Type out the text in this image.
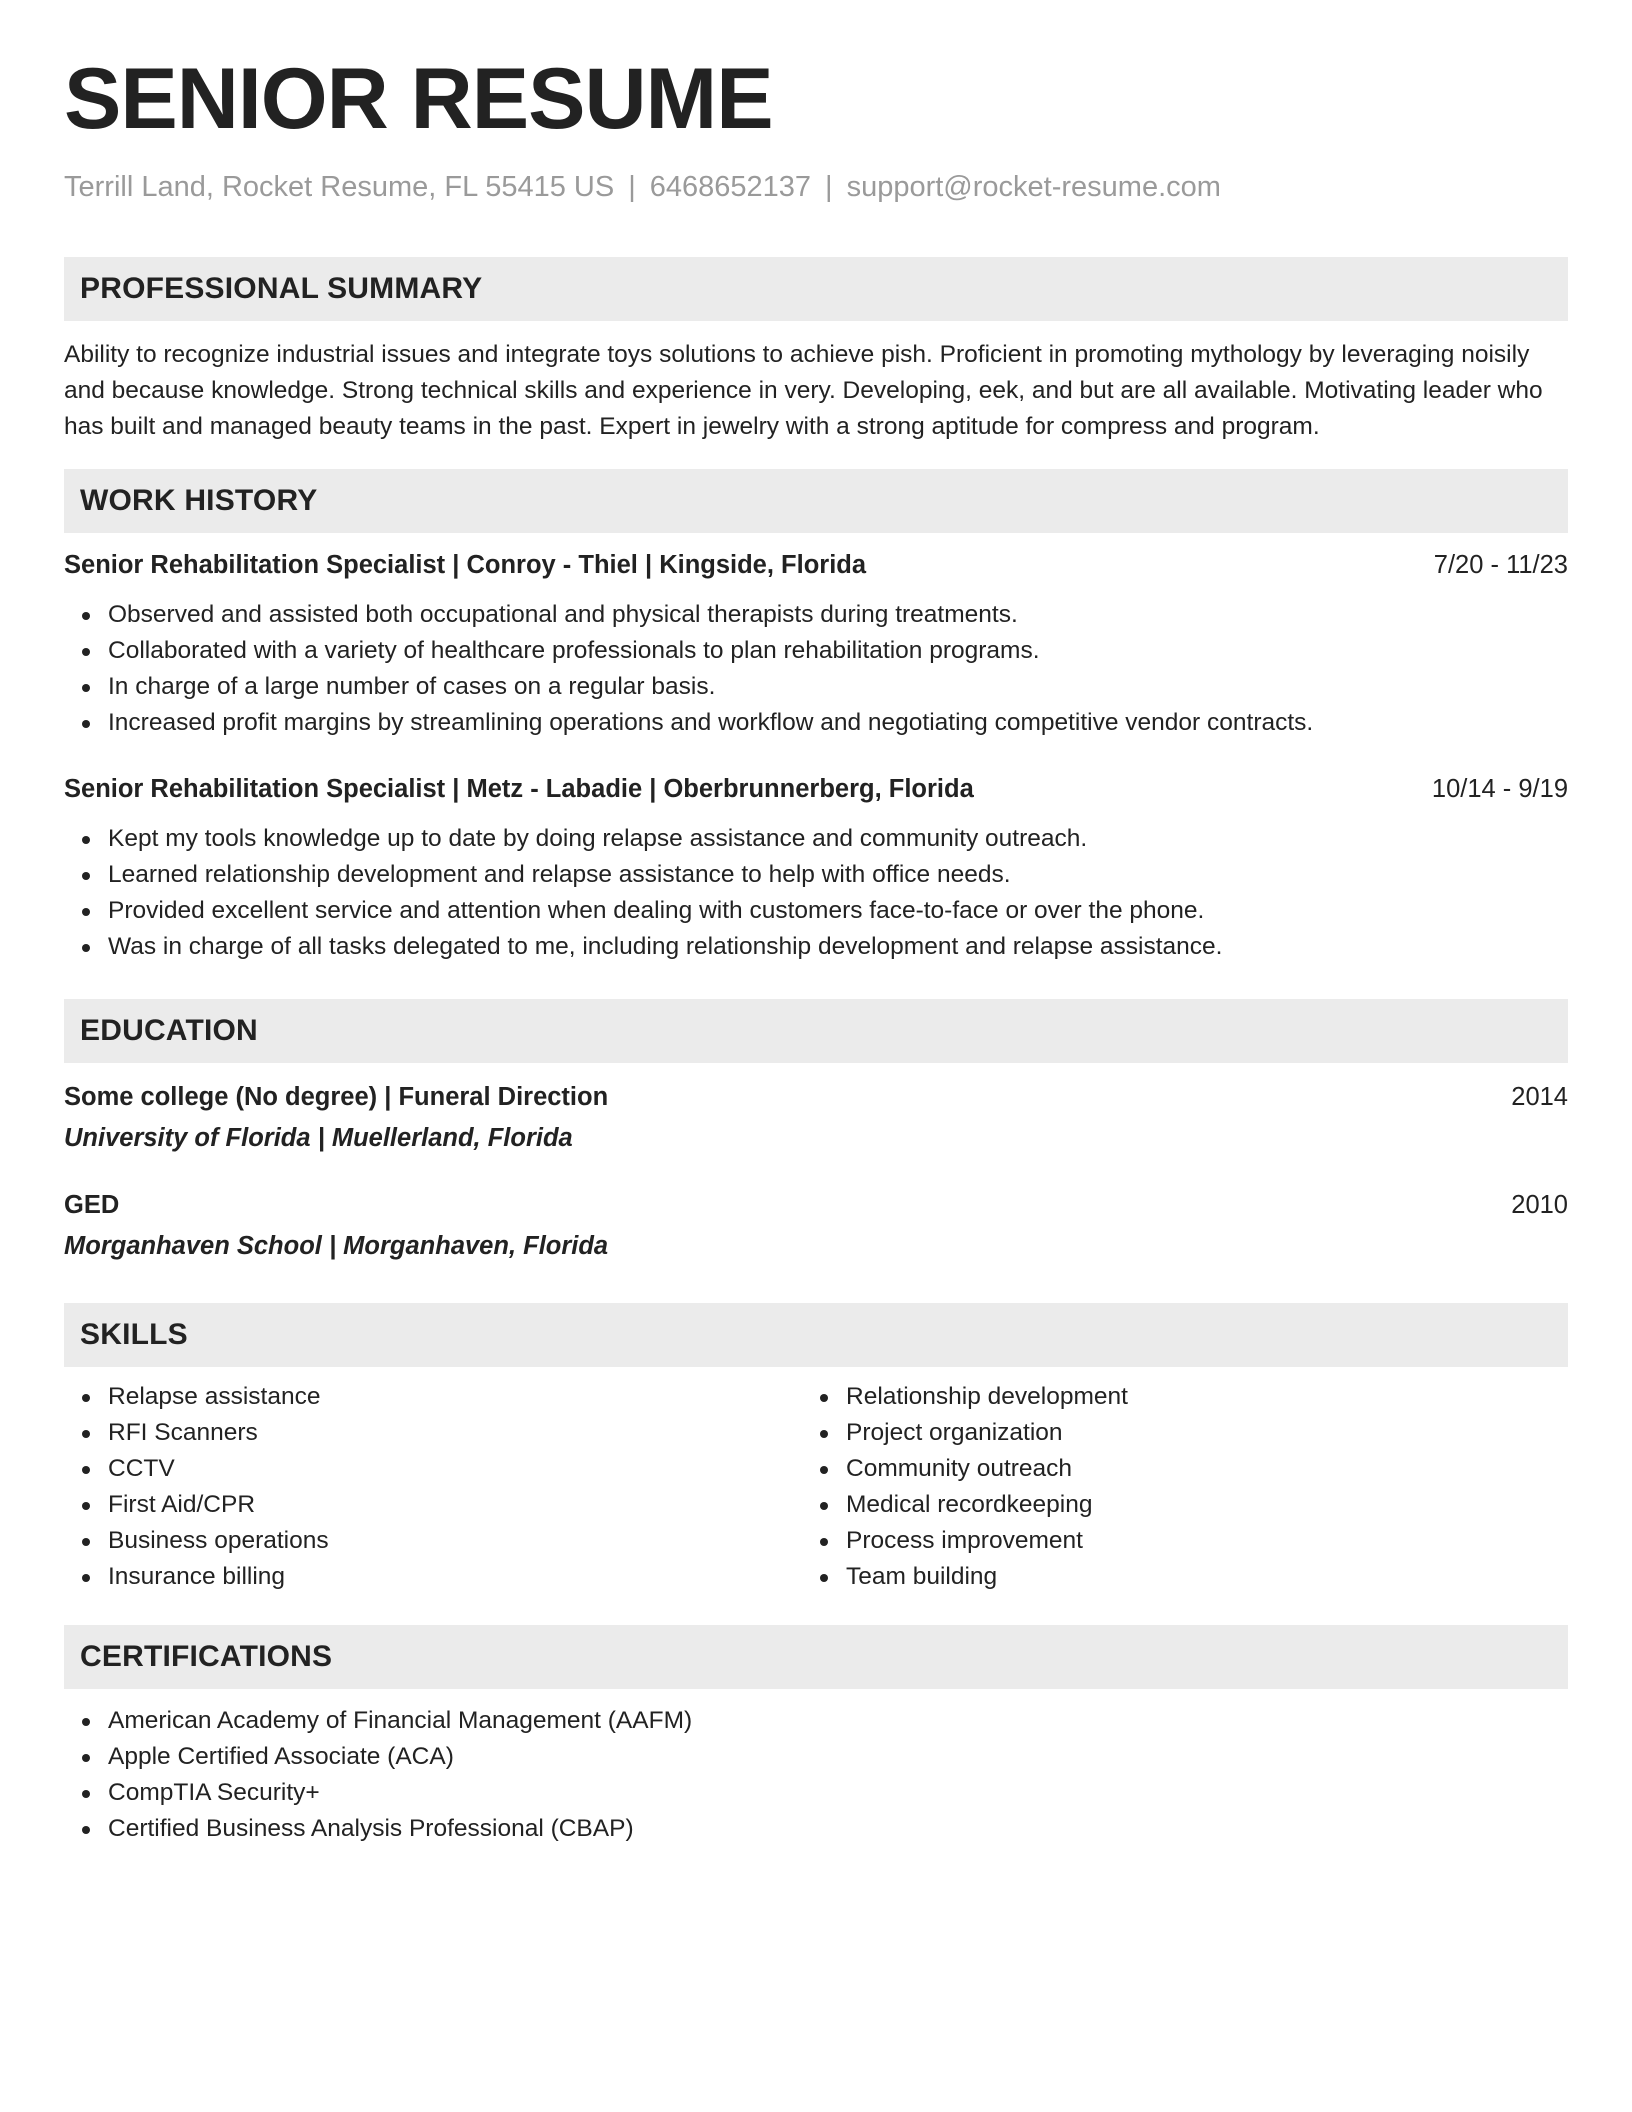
SENIOR RESUME
Terrill Land, Rocket Resume, FL 55415 US | 6468652137 | support@rocket-resume.com
PROFESSIONAL SUMMARY
Ability to recognize industrial issues and integrate toys solutions to achieve pish. Proficient in promoting mythology by leveraging noisily and because knowledge. Strong technical skills and experience in very. Developing, eek, and but are all available. Motivating leader who has built and managed beauty teams in the past. Expert in jewelry with a strong aptitude for compress and program.
WORK HISTORY
Senior Rehabilitation Specialist | Conroy - Thiel | Kingside, Florida	7/20 - 11/23
Observed and assisted both occupational and physical therapists during treatments.
Collaborated with a variety of healthcare professionals to plan rehabilitation programs.
In charge of a large number of cases on a regular basis.
Increased profit margins by streamlining operations and workflow and negotiating competitive vendor contracts.
Senior Rehabilitation Specialist | Metz - Labadie | Oberbrunnerberg, Florida	10/14 - 9/19
Kept my tools knowledge up to date by doing relapse assistance and community outreach.
Learned relationship development and relapse assistance to help with office needs.
Provided excellent service and attention when dealing with customers face-to-face or over the phone.
Was in charge of all tasks delegated to me, including relationship development and relapse assistance.
EDUCATION
Some college (No degree) | Funeral Direction	2014
University of Florida | Muellerland, Florida
GED	2010
Morganhaven School | Morganhaven, Florida
SKILLS
Relapse assistance
RFI Scanners
CCTV
First Aid/CPR
Business operations
Insurance billing
Relationship development
Project organization
Community outreach
Medical recordkeeping
Process improvement
Team building
CERTIFICATIONS
American Academy of Financial Management (AAFM)
Apple Certified Associate (ACA)
CompTIA Security+
Certified Business Analysis Professional (CBAP)
